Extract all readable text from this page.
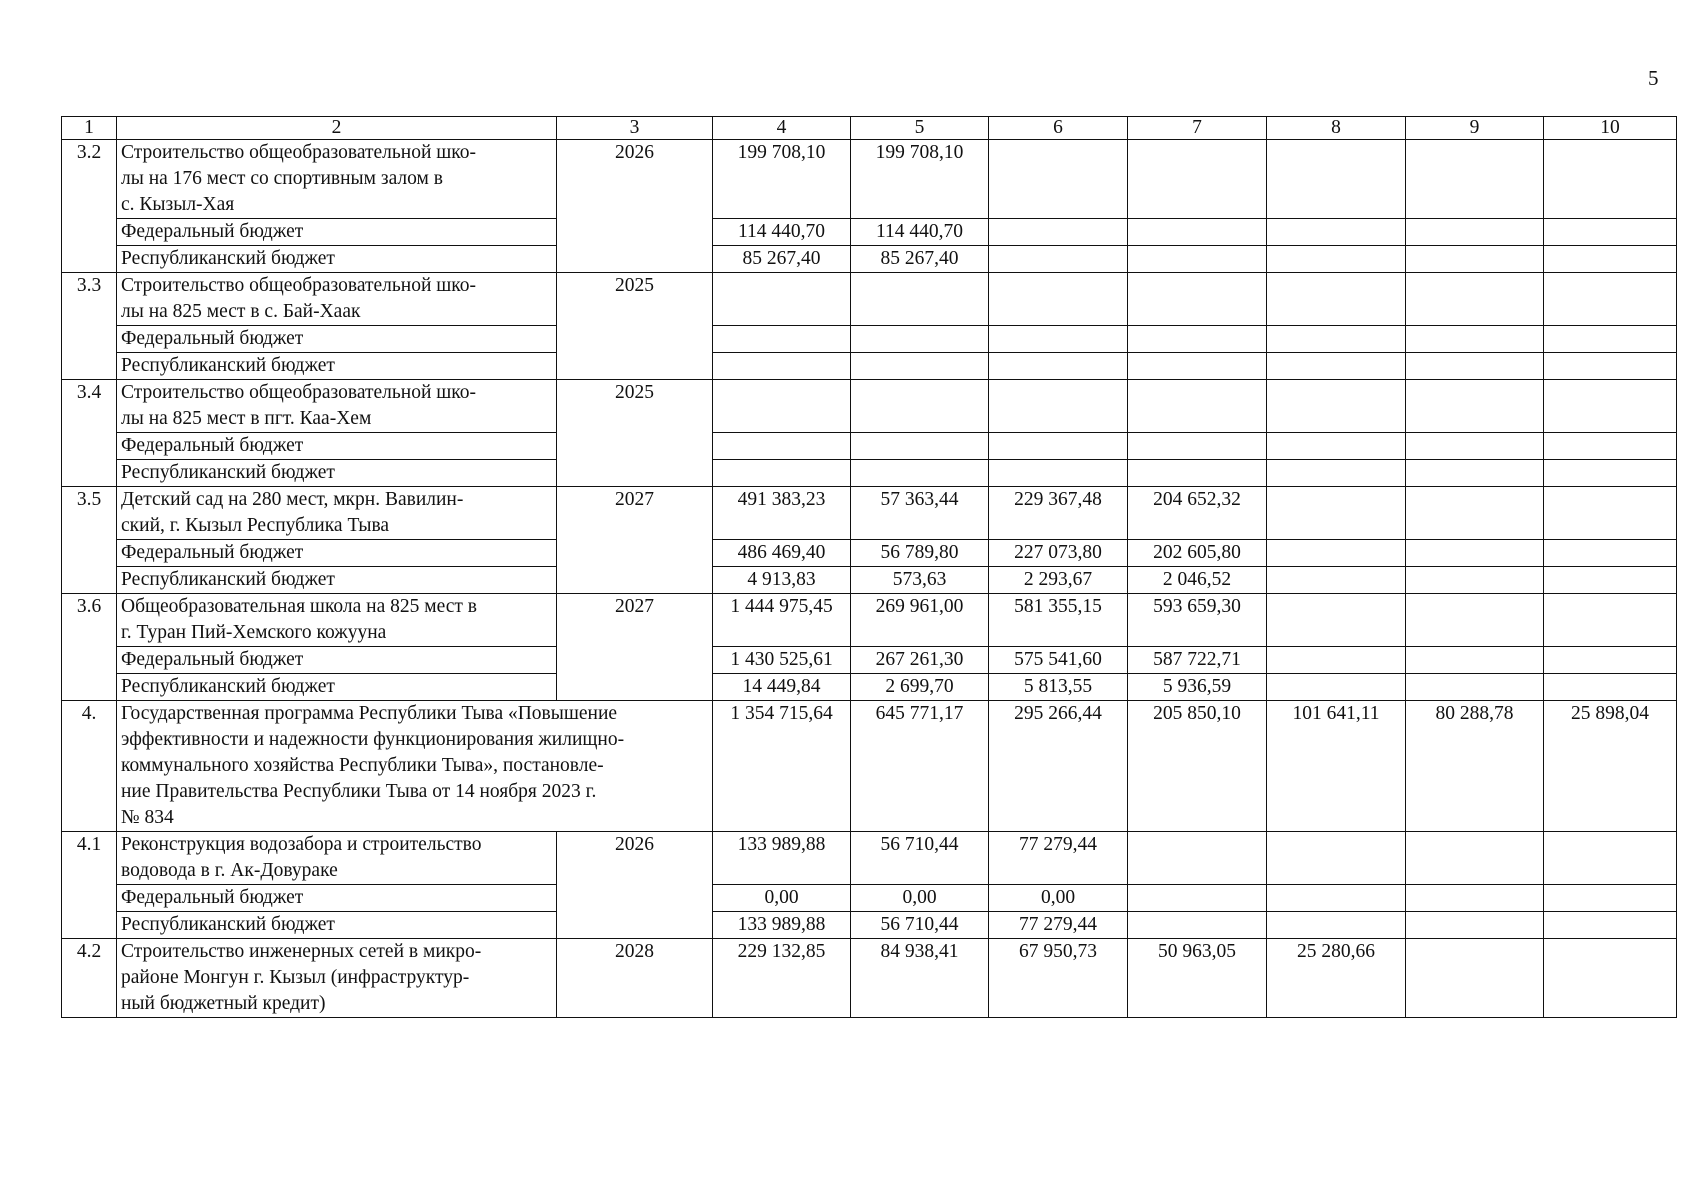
5
1	2	3	4	5	6	7	8	9	10
3.2	Строительство общеобразовательной шко-
лы на 176 мест со спортивным залом в
с. Кызыл-Хая	2026	199 708,10	199 708,10					
	Федеральный бюджет		114 440,70	114 440,70					
	Республиканский бюджет		85 267,40	85 267,40					
3.3	Строительство общеобразовательной шко-
лы на 825 мест в с. Бай-Хаак	2025							
	Федеральный бюджет								
	Республиканский бюджет								
3.4	Строительство общеобразовательной шко-
лы на 825 мест в пгт. Каа-Хем	2025							
	Федеральный бюджет								
	Республиканский бюджет								
3.5	Детский сад на 280 мест, мкрн. Вавилин-
ский, г. Кызыл Республика Тыва	2027	491 383,23	57 363,44	229 367,48	204 652,32			
	Федеральный бюджет		486 469,40	56 789,80	227 073,80	202 605,80			
	Республиканский бюджет		4 913,83	573,63	2 293,67	2 046,52			
3.6	Общеобразовательная школа на 825 мест в
г. Туран Пий-Хемского кожууна	2027	1 444 975,45	269 961,00	581 355,15	593 659,30			
	Федеральный бюджет		1 430 525,61	267 261,30	575 541,60	587 722,71			
	Республиканский бюджет		14 449,84	2 699,70	5 813,55	5 936,59			
4.	Государственная программа Республики Тыва «Повышение
эффективности и надежности функционирования жилищно-
коммунального хозяйства Республики Тыва», постановле-
ние Правительства Республики Тыва от 14 ноября 2023 г.
№ 834		1 354 715,64	645 771,17	295 266,44	205 850,10	101 641,11	80 288,78	25 898,04
4.1	Реконструкция водозабора и строительство
водовода в г. Ак-Довураке	2026	133 989,88	56 710,44	77 279,44				
	Федеральный бюджет		0,00	0,00	0,00				
	Республиканский бюджет		133 989,88	56 710,44	77 279,44				
4.2	Строительство инженерных сетей в микро-
районе Монгун г. Кызыл (инфраструктур-
ный бюджетный кредит)	2028	229 132,85	84 938,41	67 950,73	50 963,05	25 280,66		
